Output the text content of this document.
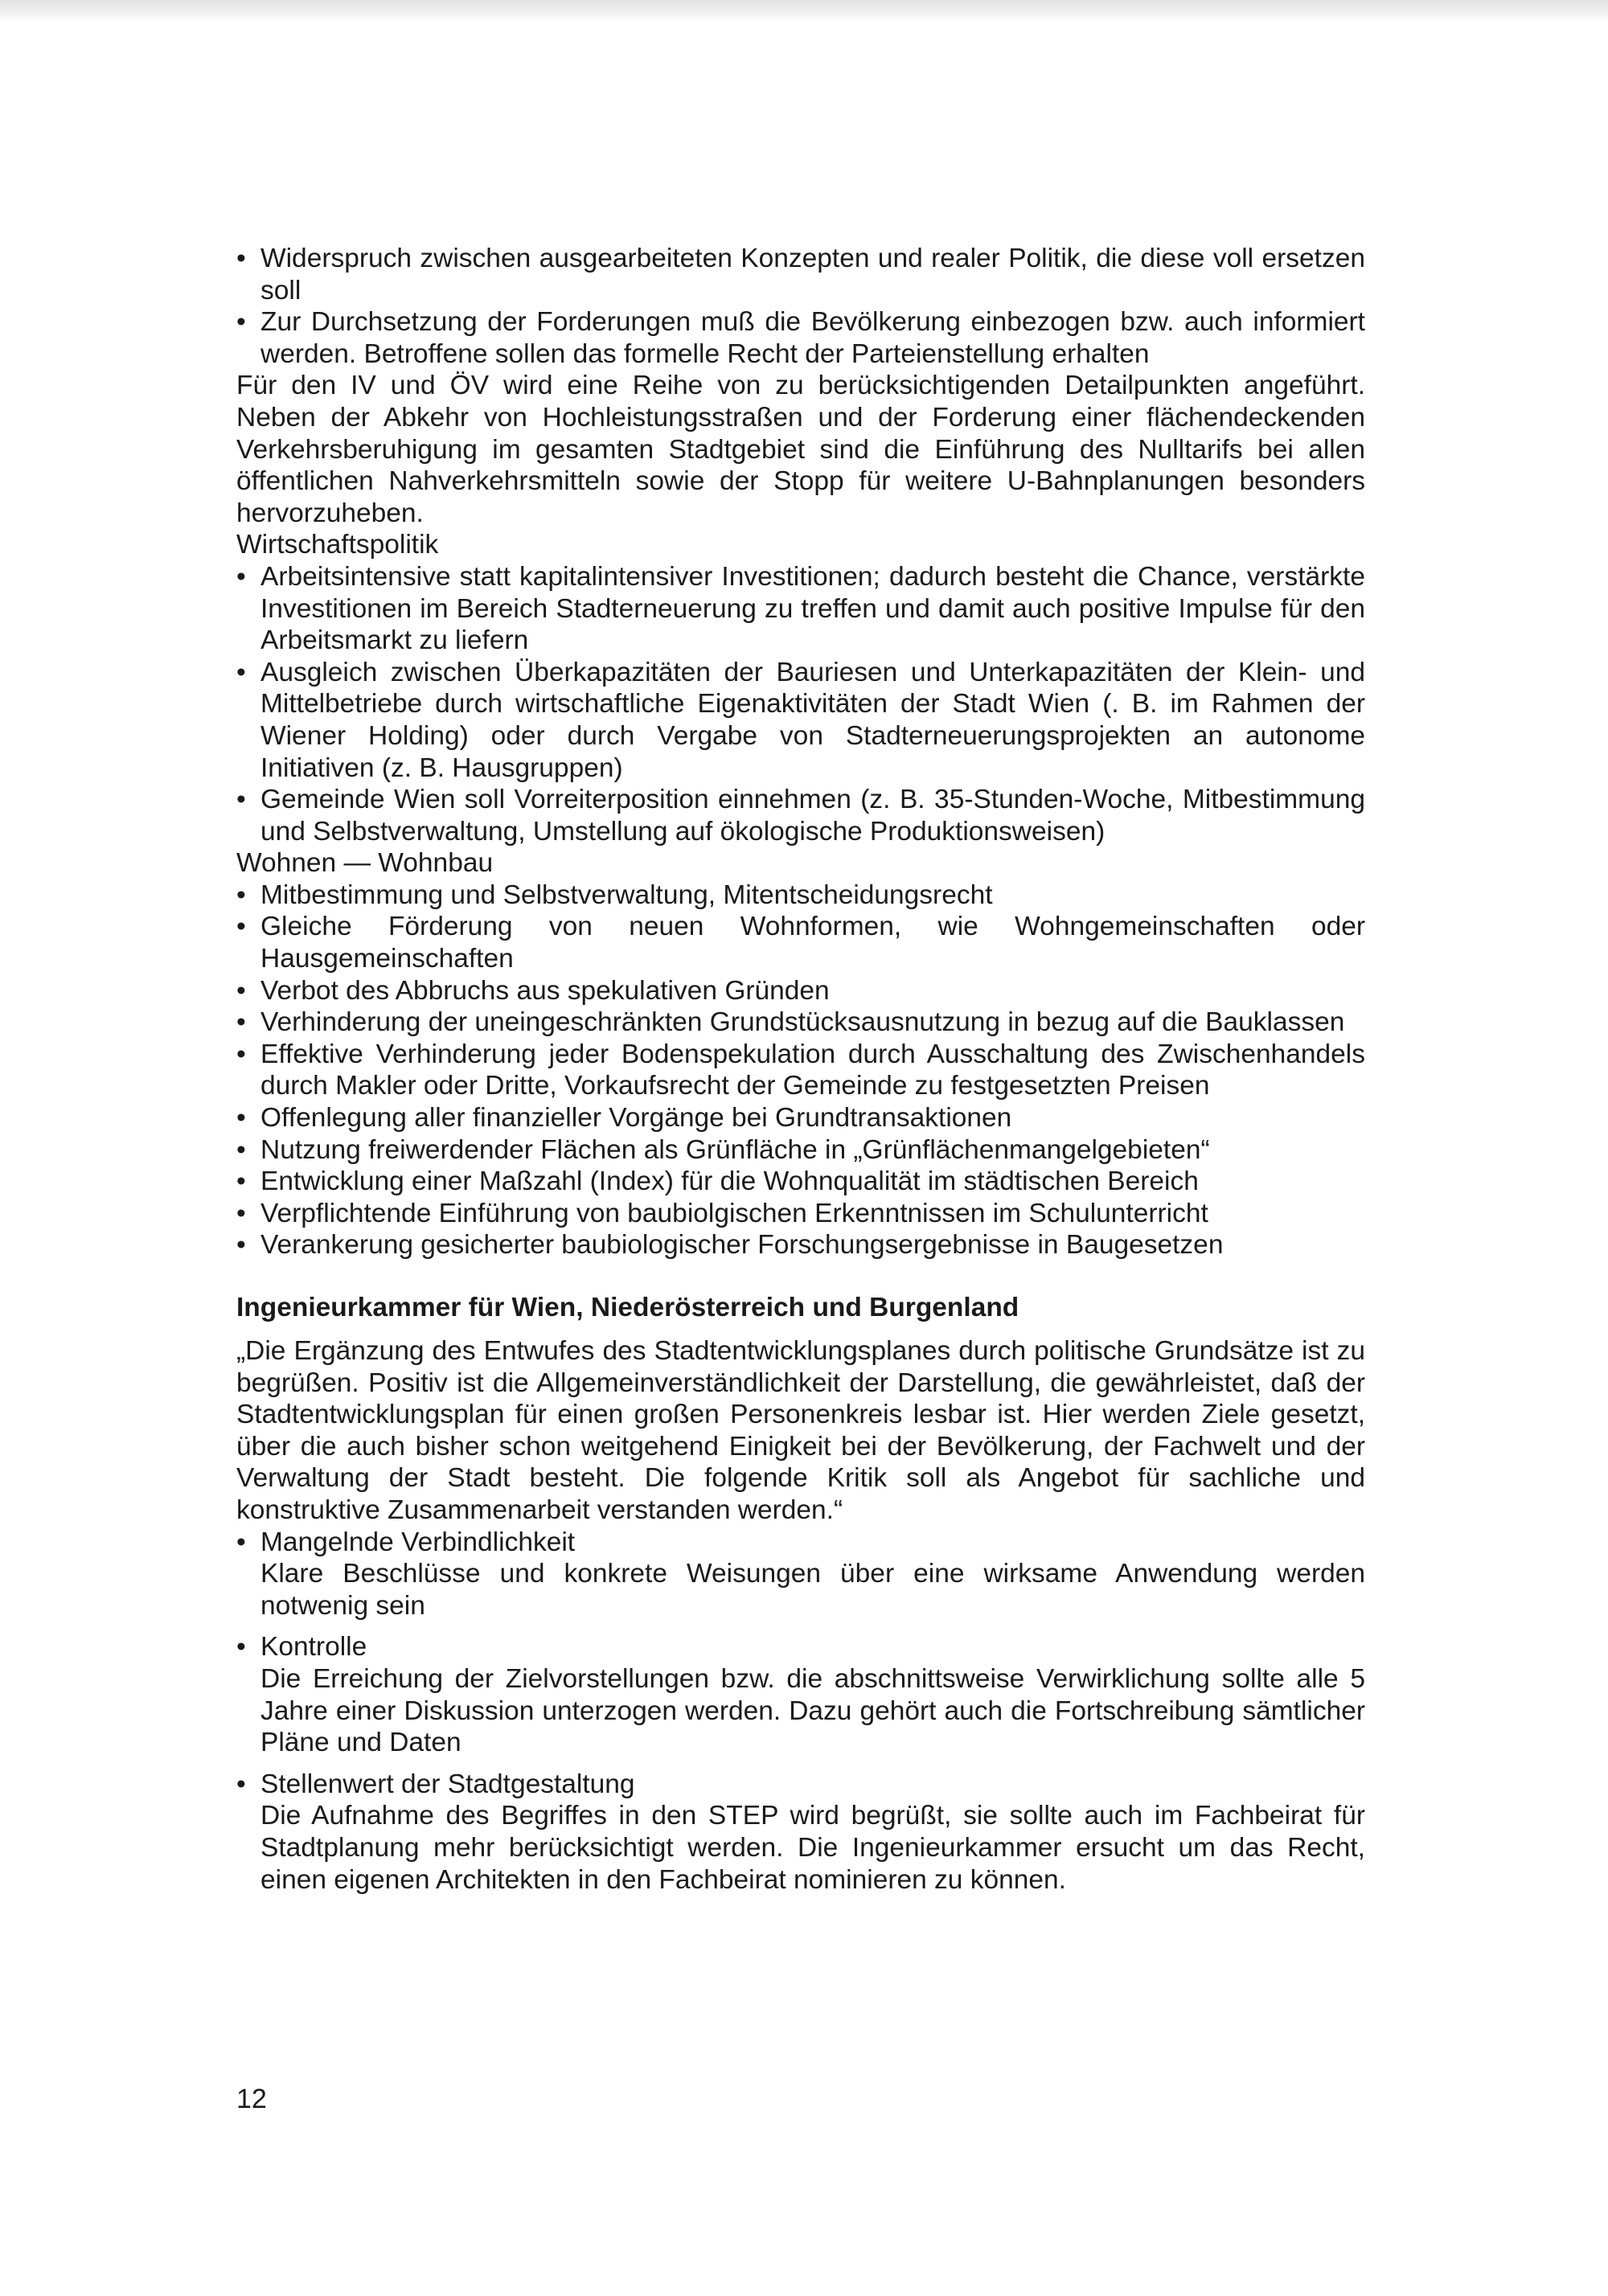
• Widerspruch zwischen ausgearbeiteten Konzepten und realer Politik, die diese voll ersetzen soll
• Zur Durchsetzung der Forderungen muß die Bevölkerung einbezogen bzw. auch informiert werden. Betroffene sollen das formelle Recht der Parteienstellung erhalten

Für den IV und ÖV wird eine Reihe von zu berücksichtigenden Detailpunkten angeführt. Neben der Abkehr von Hochleistungsstraßen und der Forderung einer flächendeckenden Verkehrsberuhigung im gesamten Stadtgebiet sind die Einführung des Nulltarifs bei allen öffentlichen Nahverkehrsmitteln sowie der Stopp für weitere U-Bahnplanungen besonders hervorzuheben.

Wirtschaftspolitik

• Arbeitsintensive statt kapitalintensiver Investitionen; dadurch besteht die Chance, verstärkte Investitionen im Bereich Stadterneuerung zu treffen und damit auch positive Impulse für den Arbeitsmarkt zu liefern
• Ausgleich zwischen Überkapazitäten der Bauriesen und Unterkapazitäten der Klein- und Mittelbetriebe durch wirtschaftliche Eigenaktivitäten der Stadt Wien (. B. im Rahmen der Wiener Holding) oder durch Vergabe von Stadterneuerungsprojekten an autonome Initiativen (z. B. Hausgruppen)
• Gemeinde Wien soll Vorreiterposition einnehmen (z. B. 35-Stunden-Woche, Mitbestimmung und Selbstverwaltung, Umstellung auf ökologische Produktionsweisen)

Wohnen — Wohnbau

• Mitbestimmung und Selbstverwaltung, Mitentscheidungsrecht
• Gleiche Förderung von neuen Wohnformen, wie Wohngemeinschaften oder Hausgemeinschaften
• Verbot des Abbruchs aus spekulativen Gründen
• Verhinderung der uneingeschränkten Grundstücksausnutzung in bezug auf die Bauklassen
• Effektive Verhinderung jeder Bodenspekulation durch Ausschaltung des Zwischenhandels durch Makler oder Dritte, Vorkaufsrecht der Gemeinde zu festgesetzten Preisen
• Offenlegung aller finanzieller Vorgänge bei Grundtransaktionen
• Nutzung freiwerdender Flächen als Grünfläche in „Grünflächenmangelgebieten“
• Entwicklung einer Maßzahl (Index) für die Wohnqualität im städtischen Bereich
• Verpflichtende Einführung von baubiolgischen Erkenntnissen im Schulunterricht
• Verankerung gesicherter baubiologischer Forschungsergebnisse in Baugesetzen
Ingenieurkammer für Wien, Niederösterreich und Burgenland

„Die Ergänzung des Entwufes des Stadtentwicklungsplanes durch politische Grundsätze ist zu begrüßen. Positiv ist die Allgemeinverständlichkeit der Darstellung, die gewährleistet, daß der Stadtentwicklungsplan für einen großen Personenkreis lesbar ist. Hier werden Ziele gesetzt, über die auch bisher schon weitgehend Einigkeit bei der Bevölkerung, der Fachwelt und der Verwaltung der Stadt besteht. Die folgende Kritik soll als Angebot für sachliche und konstruktive Zusammenarbeit verstanden werden.“

• Mangelnde Verbindlichkeit
Klare Beschlüsse und konkrete Weisungen über eine wirksame Anwendung werden notwenig sein
• Kontrolle
Die Erreichung der Zielvorstellungen bzw. die abschnittsweise Verwirklichung sollte alle 5 Jahre einer Diskussion unterzogen werden. Dazu gehört auch die Fortschreibung sämtlicher Pläne und Daten
• Stellenwert der Stadtgestaltung
Die Aufnahme des Begriffes in den STEP wird begrüßt, sie sollte auch im Fachbeirat für Stadtplanung mehr berücksichtigt werden. Die Ingenieurkammer ersucht um das Recht, einen eigenen Architekten in den Fachbeirat nominieren zu können.
12
